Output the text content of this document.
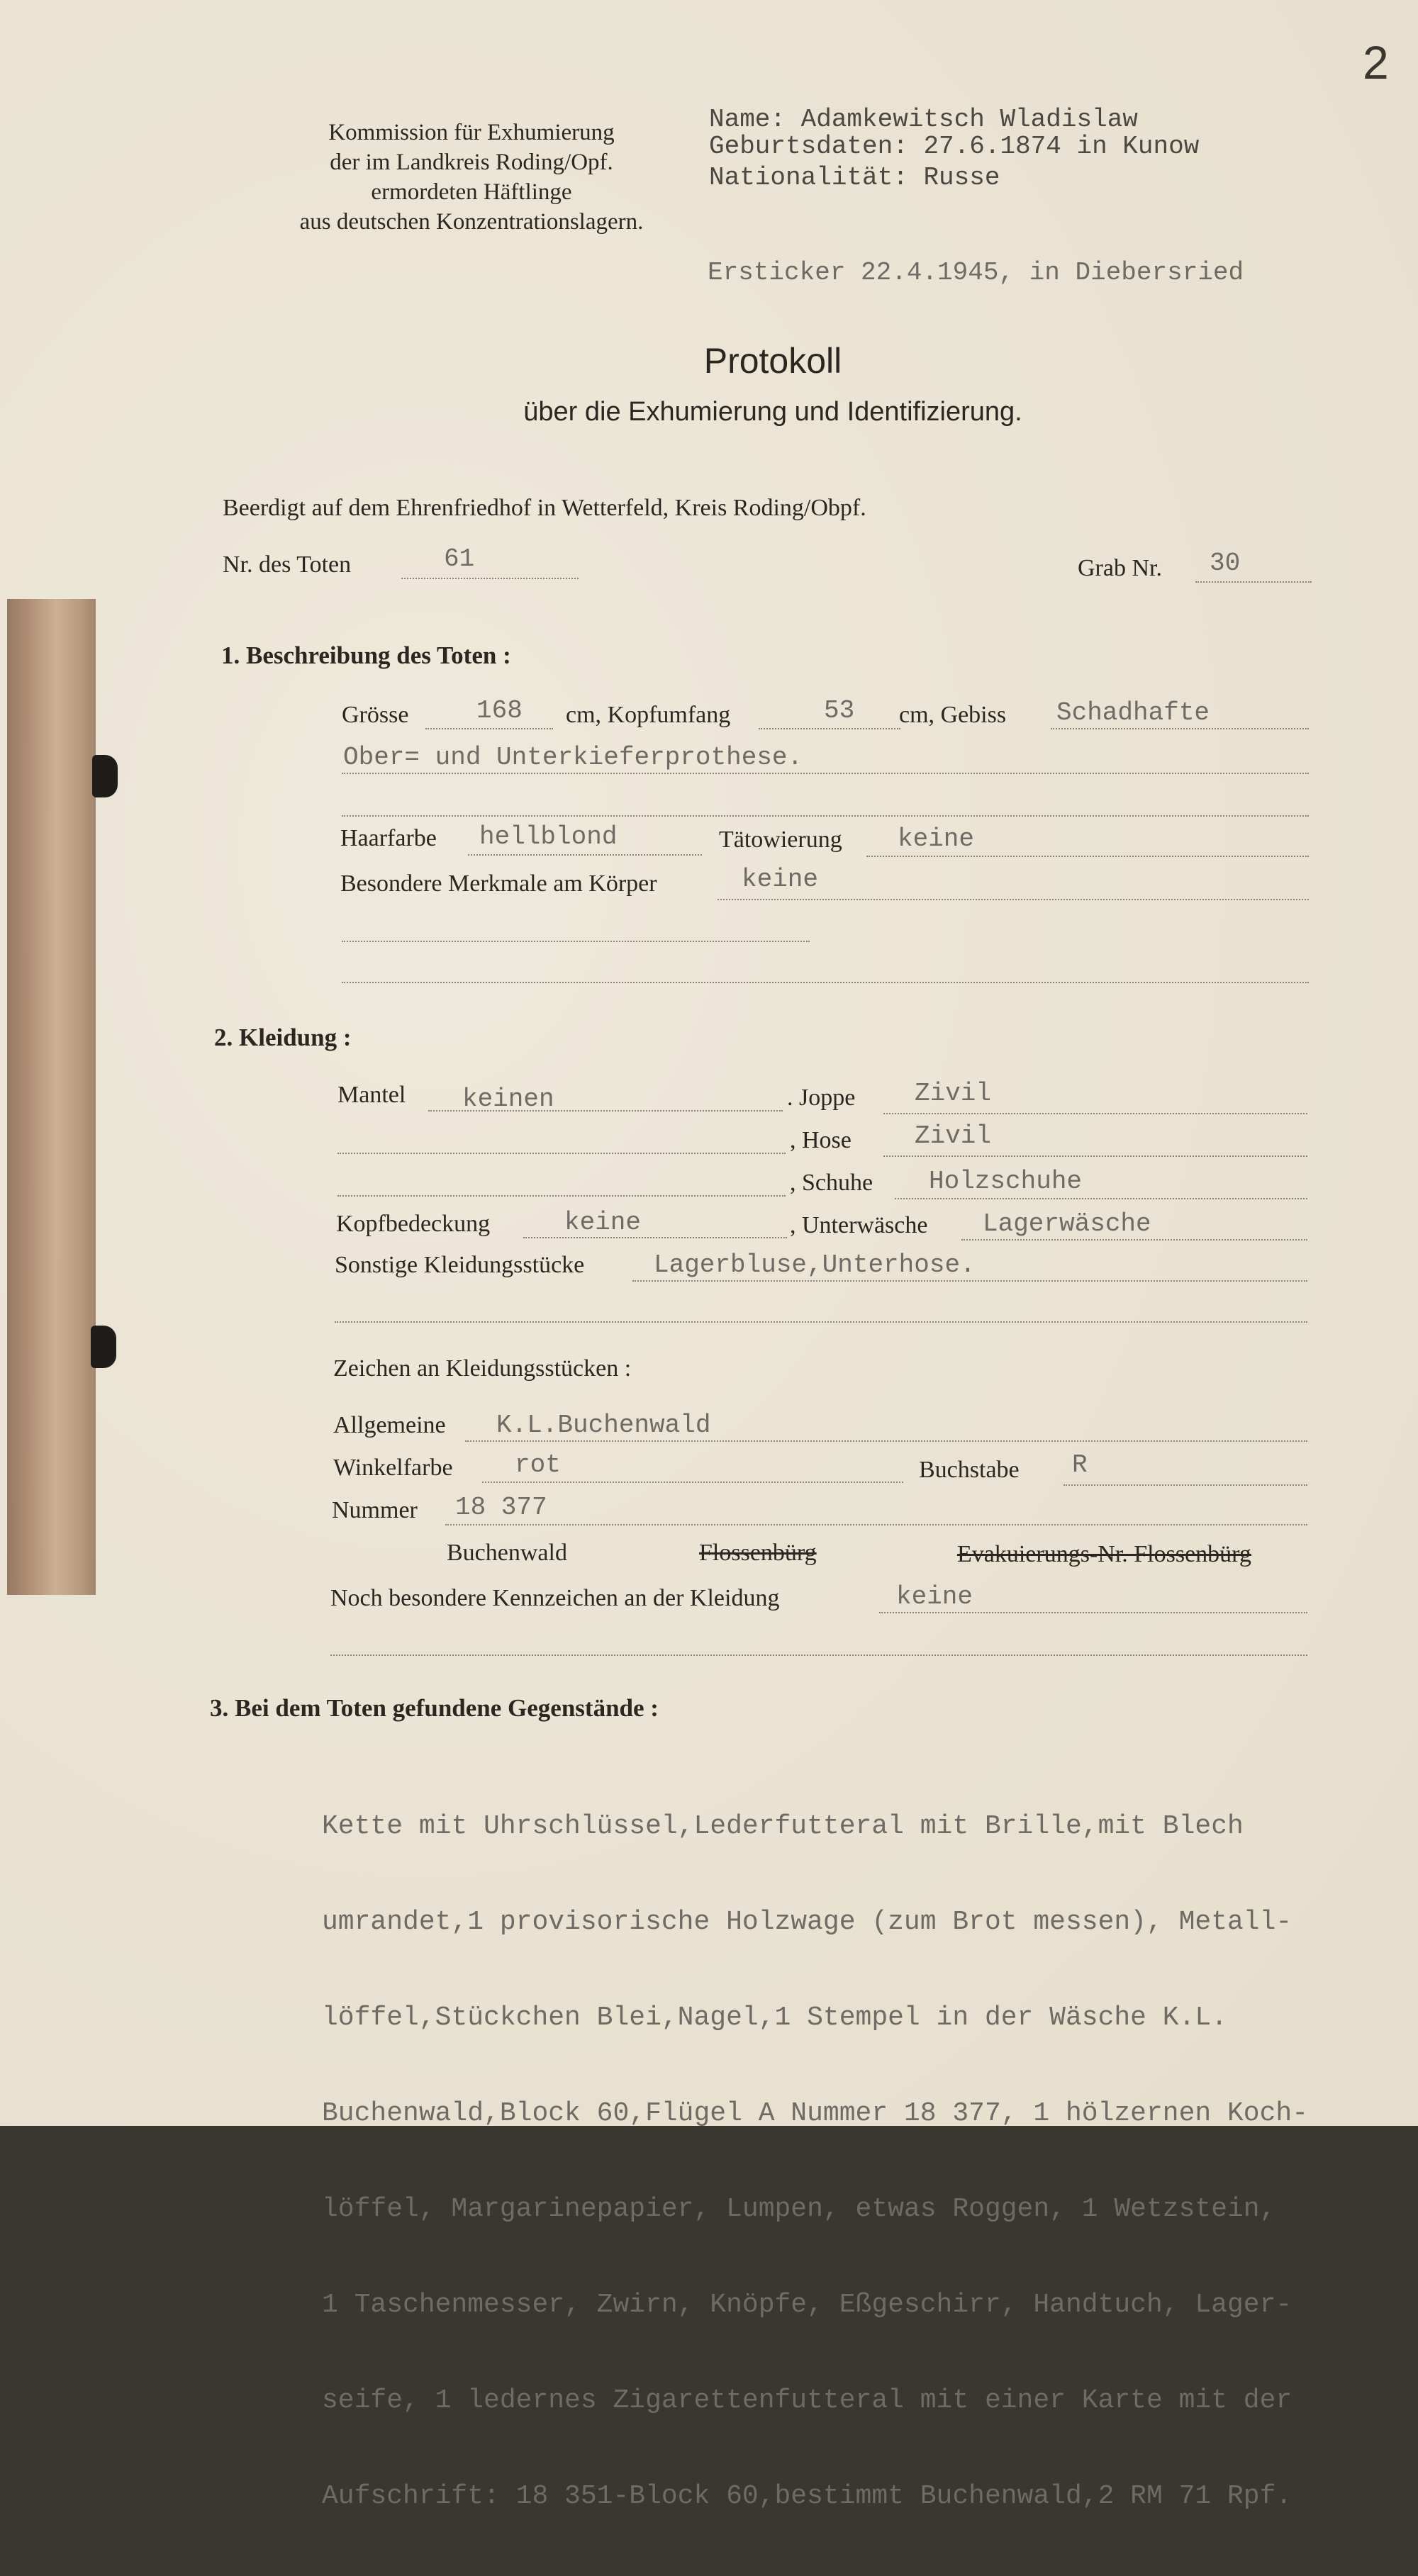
2
Kommission für Exhumierung
der im Landkreis Roding/Opf.
ermordeten Häftlinge
aus deutschen Konzentrationslagern.
Name: Adamkewitsch Wladislaw
Geburtsdaten: 27.6.1874 in Kunow
Nationalität: Russe
Ersticker 22.4.1945, in Diebersried
Protokoll
über die Exhumierung und Identifizierung.
Beerdigt auf dem Ehrenfriedhof in Wetterfeld, Kreis Roding/Obpf.
Nr. des Toten	61	Grab Nr. 30
1. Beschreibung des Toten :
Grösse	168 cm, Kopfumfang	53 cm, Gebiss Schadhafte
Ober= und Unterkieferprothese.
Haarfarbe hellblond	Tätowierung keine
Besondere Merkmale am Körper	keine
2. Kleidung :
Mantel keinen	. Joppe Zivil
, Hose Zivil
, Schuhe Holzschuhe
Kopfbedeckung	keine	, Unterwäsche Lagerwäsche
Sonstige Kleidungsstücke	Lagerbluse,Unterhose.
Zeichen an Kleidungsstücken :
Allgemeine K.L.Buchenwald
Winkelfarbe rot	Buchstabe R
Nummer 18 377
Buchenwald	Flossenbürg	Evakuierungs-Nr. Flossenbürg
Noch besondere Kennzeichen an der Kleidung	keine
3. Bei dem Toten gefundene Gegenstände :

Kette mit Uhrschlüssel,Lederfutteral mit Brille,mit Blech

umrandet,1 provisorische Holzwage (zum Brot messen), Metall-

löffel,Stückchen Blei,Nagel,1 Stempel in der Wäsche K.L.

Buchenwald,Block 60,Flügel A Nummer 18 377, 1 hölzernen Koch-

löffel, Margarinepapier, Lumpen, etwas Roggen, 1 Wetzstein,

1 Taschenmesser, Zwirn, Knöpfe, Eßgeschirr, Handtuch, Lager-

seife, 1 ledernes Zigarettenfutteral mit einer Karte mit der

Aufschrift: 18 351-Block 60,bestimmt Buchenwald,2 RM 71 Rpf.
